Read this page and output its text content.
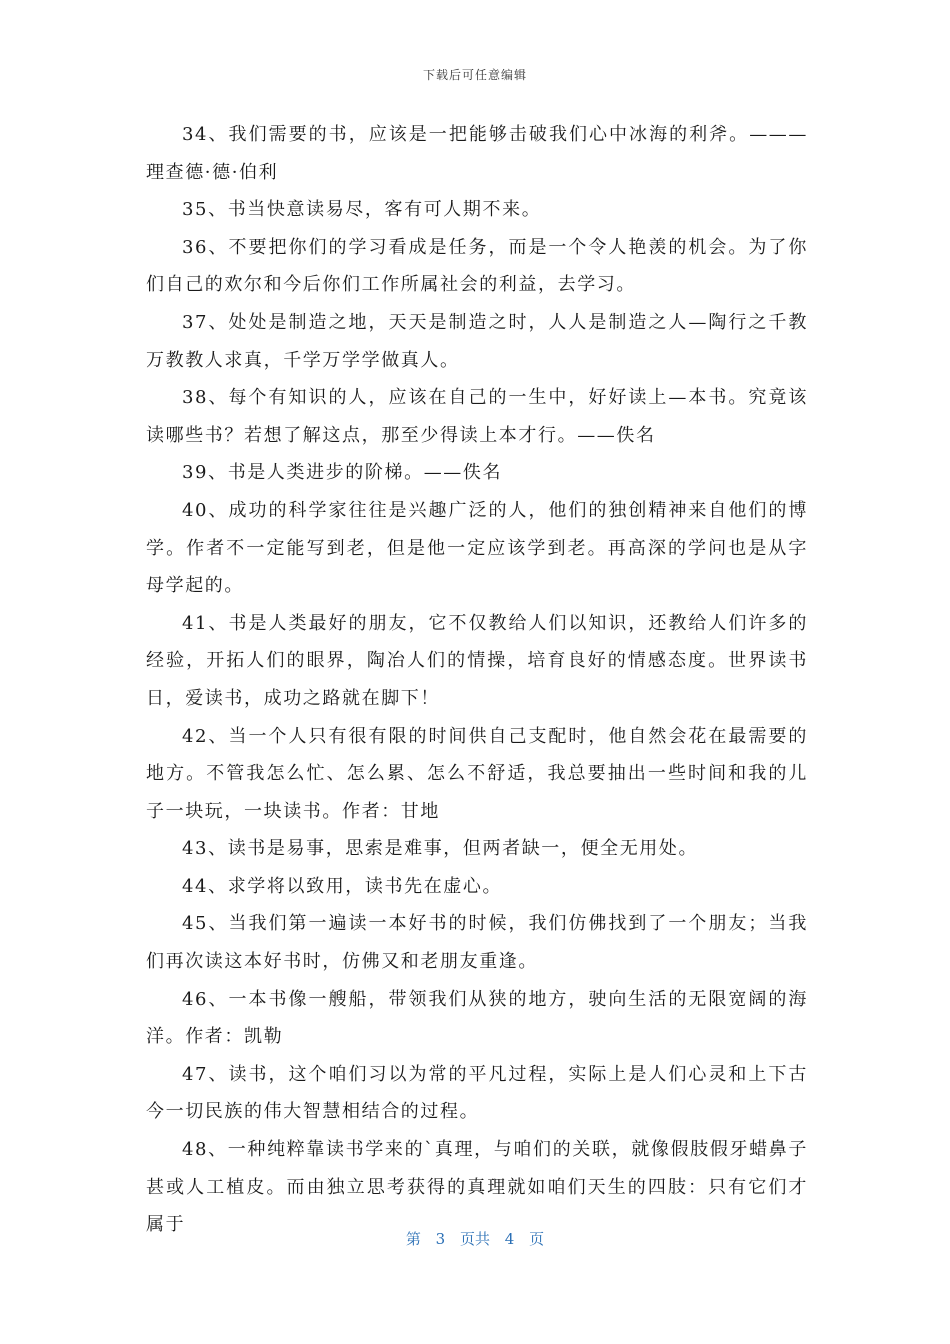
下载后可任意编辑

34、我们需要的书，应该是一把能够击破我们心中冰海的利斧。———理查德·德·伯利

35、书当快意读易尽，客有可人期不来。

36、不要把你们的学习看成是任务，而是一个令人艳羡的机会。为了你们自己的欢尔和今后你们工作所属社会的利益，去学习。

37、处处是制造之地，天天是制造之时，人人是制造之人—陶行之千教万教教人求真，千学万学学做真人。

38、每个有知识的人，应该在自己的一生中，好好读上—本书。究竟该读哪些书？若想了解这点，那至少得读上本才行。——佚名

39、书是人类进步的阶梯。——佚名

40、成功的科学家往往是兴趣广泛的人，他们的独创精神来自他们的博学。作者不一定能写到老，但是他一定应该学到老。再高深的学问也是从字母学起的。

41、书是人类最好的朋友，它不仅教给人们以知识，还教给人们许多的经验，开拓人们的眼界，陶冶人们的情操，培育良好的情感态度。世界读书日，爱读书，成功之路就在脚下！

42、当一个人只有很有限的时间供自己支配时，他自然会花在最需要的地方。不管我怎么忙、怎么累、怎么不舒适，我总要抽出一些时间和我的儿子一块玩，一块读书。作者：甘地

43、读书是易事，思索是难事，但两者缺一，便全无用处。

44、求学将以致用，读书先在虚心。

45、当我们第一遍读一本好书的时候，我们仿佛找到了一个朋友；当我们再次读这本好书时，仿佛又和老朋友重逢。

46、一本书像一艘船，带领我们从狭的地方，驶向生活的无限宽阔的海洋。作者：凯勒

47、读书，这个咱们习以为常的平凡过程，实际上是人们心灵和上下古今一切民族的伟大智慧相结合的过程。

48、一种纯粹靠读书学来的`真理，与咱们的关联，就像假肢假牙蜡鼻子甚或人工植皮。而由独立思考获得的真理就如咱们天生的四肢：只有它们才属于

第 3 页共 4 页
